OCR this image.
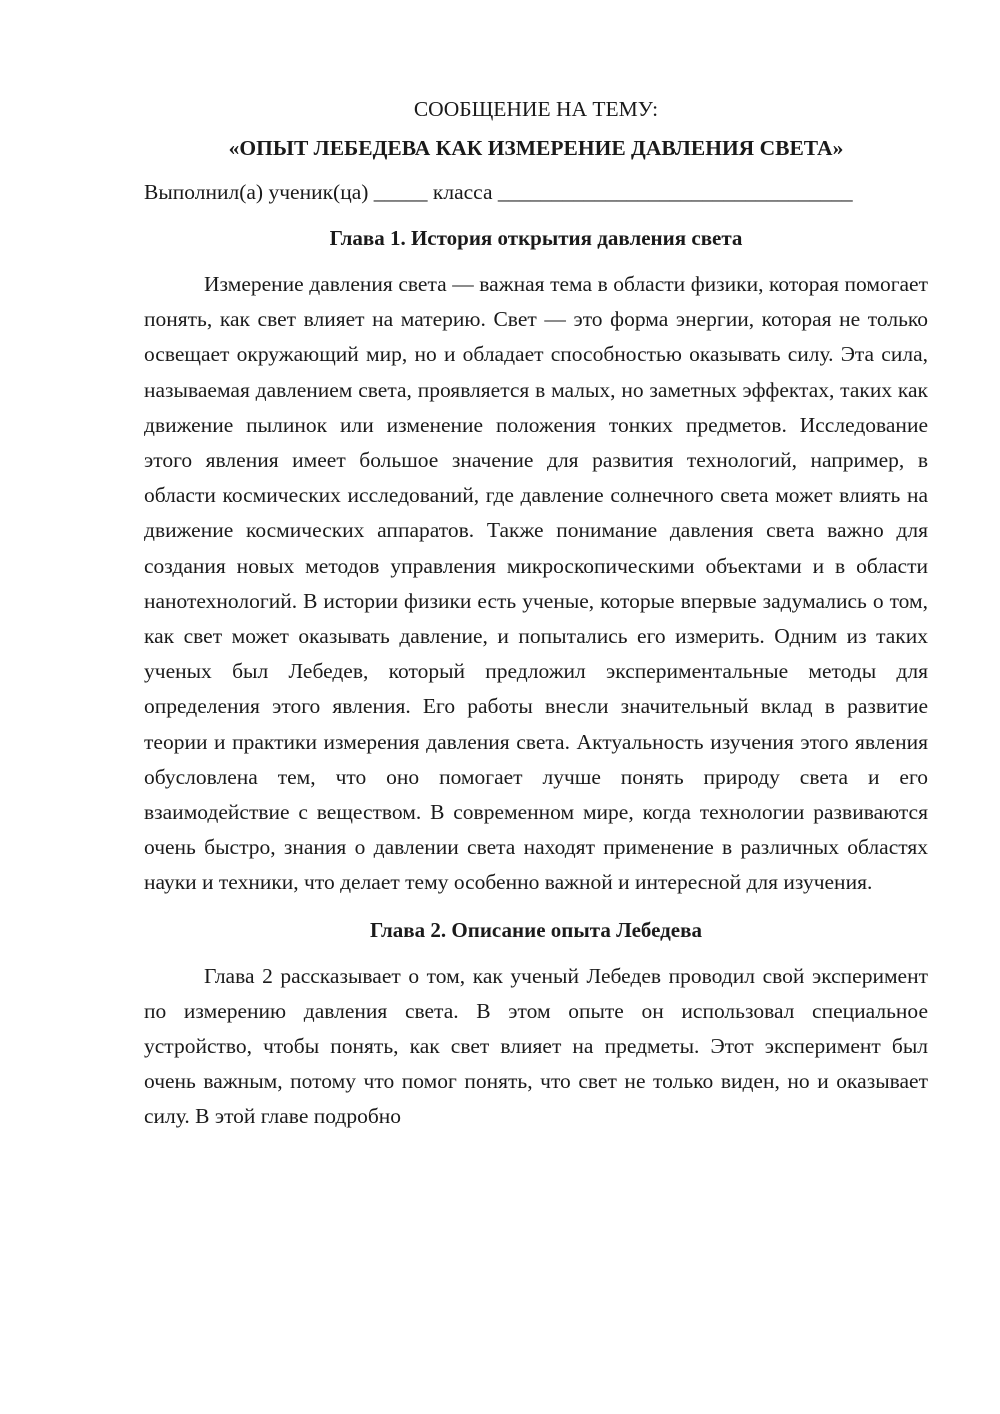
СООБЩЕНИЕ НА ТЕМУ:

«ОПЫТ ЛЕБЕДЕВА КАК ИЗМЕРЕНИЕ ДАВЛЕНИЯ СВЕТА»

Выполнил(а) ученик(ца) _____ класса _________________________________

Глава 1. История открытия давления света

Измерение давления света — важная тема в области физики, которая помогает понять, как свет влияет на материю. Свет — это форма энергии, которая не только освещает окружающий мир, но и обладает способностью оказывать силу. Эта сила, называемая давлением света, проявляется в малых, но заметных эффектах, таких как движение пылинок или изменение положения тонких предметов. Исследование этого явления имеет большое значение для развития технологий, например, в области космических исследований, где давление солнечного света может влиять на движение космических аппаратов. Также понимание давления света важно для создания новых методов управления микроскопическими объектами и в области нанотехнологий. В истории физики есть ученые, которые впервые задумались о том, как свет может оказывать давление, и попытались его измерить. Одним из таких ученых был Лебедев, который предложил экспериментальные методы для определения этого явления. Его работы внесли значительный вклад в развитие теории и практики измерения давления света. Актуальность изучения этого явления обусловлена тем, что оно помогает лучше понять природу света и его взаимодействие с веществом. В современном мире, когда технологии развиваются очень быстро, знания о давлении света находят применение в различных областях науки и техники, что делает тему особенно важной и интересной для изучения.

Глава 2. Описание опыта Лебедева

Глава 2 рассказывает о том, как ученый Лебедев проводил свой эксперимент по измерению давления света. В этом опыте он использовал специальное устройство, чтобы понять, как свет влияет на предметы. Этот эксперимент был очень важным, потому что помог понять, что свет не только виден, но и оказывает силу. В этой главе подробно
